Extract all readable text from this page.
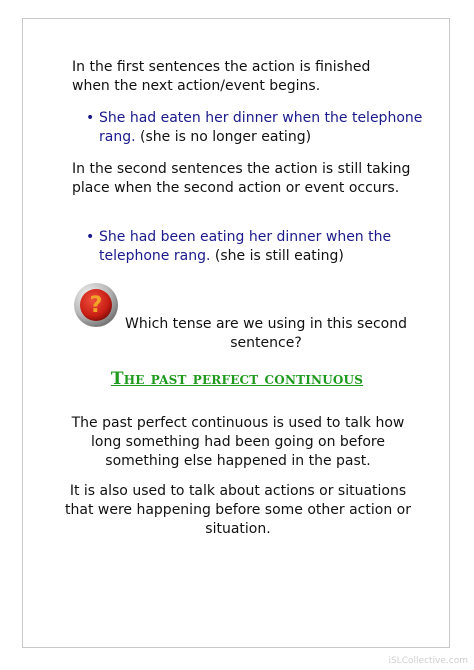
In the first sentences the action is finished when the next action/event begins.
• She had eaten her dinner when the telephone rang. (she is no longer eating)
In the second sentences the action is still taking place when the second action or event occurs.
• She had been eating her dinner when the telephone rang. (she is still eating)
?
Which tense are we using in this second sentence?
The past perfect continuous
The past perfect continuous is used to talk how long something had been going on before something else happened in the past.
It is also used to talk about actions or situations that were happening before some other action or situation.
iSLCollective.com
